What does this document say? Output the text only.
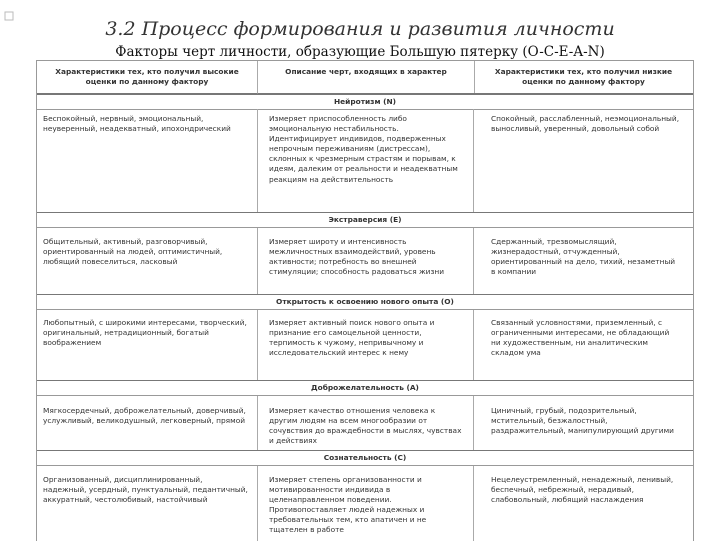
3.2 Процесс формирования и развития личности
Факторы черт личности, образующие Большую пятерку (O-C-E-A-N)
Характеристики тех, кто получил высокие оценки по данному фактору
Описание черт, входящих в характер	Характеристики тех, кто получил низкие оценки по данному фактору
Нейротизм (N)
Беспокойный, нервный, эмоциональный, неуверенный, неадекватный, ипохондрический
Измеряет приспособленность либо эмоциональную нестабильность. Идентифицирует индивидов, подверженных непрочным переживаниям (дистрессам), склонных к чрезмерным страстям и порывам, к идеям, далеким от реальности и неадекватным реакциям на действительность
Спокойный, расслабленный, неэмоциональный, выносливый, уверенный, довольный собой
Экстраверсия (E)
Общительный, активный, разговорчивый, ориентированный на людей, оптимистичный, любящий повеселиться, ласковый
Измеряет широту и интенсивность межличностных взаимодействий, уровень активности; потребность во внешней стимуляции; способность радоваться жизни
Сдержанный, трезвомыслящий, жизнерадостный, отчужденный, ориентированный на дело, тихий, незаметный в компании
Открытость к освоению нового опыта (O)
Любопытный, с широкими интересами, творческий, оригинальный, нетрадиционный, богатый воображением
Измеряет активный поиск нового опыта и признание его самоцельной ценности, терпимость к чужому, непривычному и исследовательский интерес к нему
Связанный условностями, приземленный, с ограниченными интересами, не обладающий ни художественным, ни аналитическим складом ума
Доброжелательность (A)
Мягкосердечный, доброжелательный, доверчивый, услужливый, великодушный, легковерный, прямой
Измеряет качество отношения человека к другим людям на всем многообразии от сочувствия до враждебности в мыслях, чувствах и действиях
Циничный, грубый, подозрительный, мстительный, безжалостный, раздражительный, манипулирующий другими
Сознательность (C)
Организованный, дисциплинированный, надежный, усердный, пунктуальный, педантичный, аккуратный, честолюбивый, настойчивый
Измеряет степень организованности и мотивированности индивида в целенаправленном поведении. Противопоставляет людей надежных и требовательных тем, кто апатичен и не тщателен в работе
Нецелеустремленный, ненадежный, ленивый, беспечный, небрежный, нерадивый, слабовольный, любящий наслаждения
